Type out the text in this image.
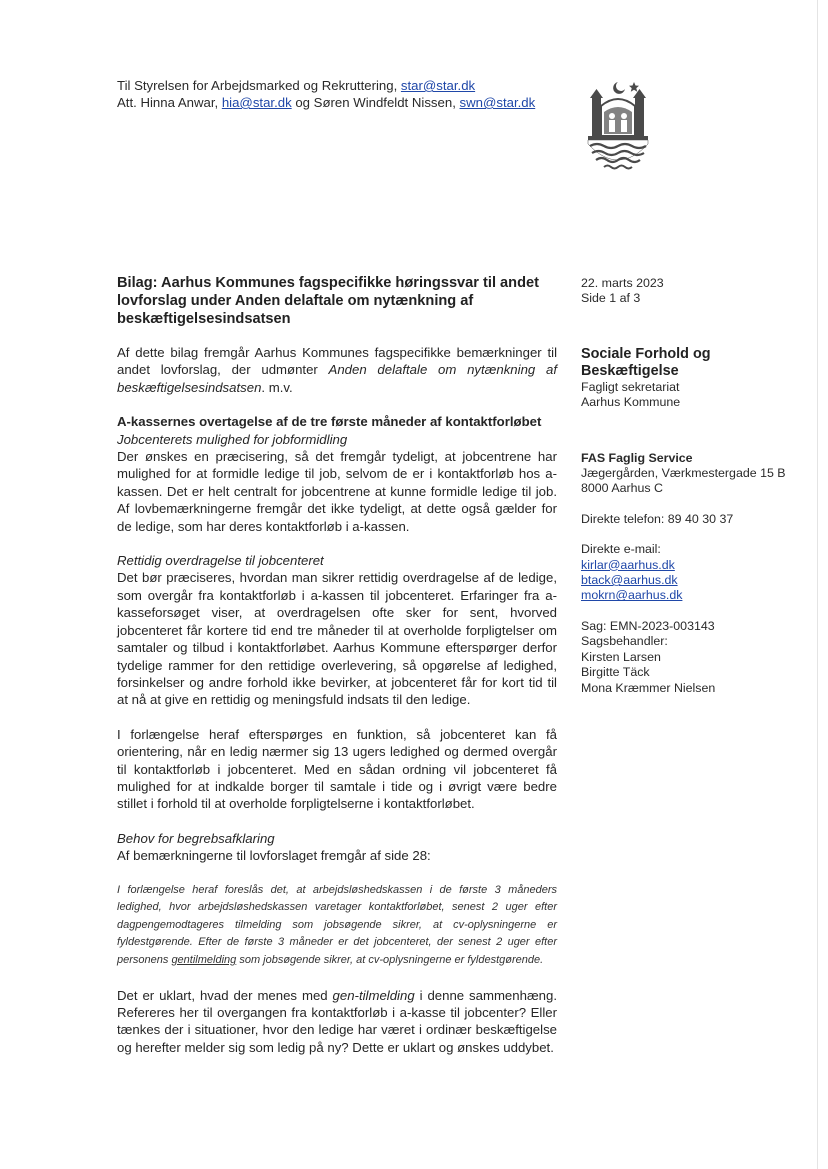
Til Styrelsen for Arbejdsmarked og Rekruttering, star@star.dk
Att. Hinna Anwar, hia@star.dk og Søren Windfeldt Nissen, swn@star.dk
Bilag: Aarhus Kommunes fagspecifikke høringssvar til andet lovforslag under Anden delaftale om nytænkning af beskæftigelsesindsatsen

Af dette bilag fremgår Aarhus Kommunes fagspecifikke bemærkninger til andet lovforslag, der udmønter Anden delaftale om nytænkning af beskæftigelsesindsatsen. m.v.

A-kassernes overtagelse af de tre første måneder af kontaktforløbet
Jobcenterets mulighed for jobformidling

Der ønskes en præcisering, så det fremgår tydeligt, at jobcentrene har mulighed for at formidle ledige til job, selvom de er i kontaktforløb hos a-kassen. Det er helt centralt for jobcentrene at kunne formidle ledige til job. Af lovbemærkningerne fremgår det ikke tydeligt, at dette også gælder for de ledige, som har deres kontaktforløb i a-kassen.

Rettidig overdragelse til jobcenteret

Det bør præciseres, hvordan man sikrer rettidig overdragelse af de ledige, som overgår fra kontaktforløb i a-kassen til jobcenteret. Erfaringer fra a-kasseforsøget viser, at overdragelsen ofte sker for sent, hvorved jobcenteret får kortere tid end tre måneder til at overholde forpligtelser om samtaler og tilbud i kontaktforløbet. Aarhus Kommune efterspørger derfor tydelige rammer for den rettidige overlevering, så opgørelse af ledighed, forsinkelser og andre forhold ikke bevirker, at jobcenteret får for kort tid til at nå at give en rettidig og meningsfuld indsats til den ledige.

I forlængelse heraf efterspørges en funktion, så jobcenteret kan få orientering, når en ledig nærmer sig 13 ugers ledighed og dermed overgår til kontaktforløb i jobcenteret. Med en sådan ordning vil jobcenteret få mulighed for at indkalde borger til samtale i tide og i øvrigt være bedre stillet i forhold til at overholde forpligtelserne i kontaktforløbet.

Behov for begrebsafklaring
Af bemærkningerne til lovforslaget fremgår af side 28:
I forlængelse heraf foreslås det, at arbejdsløshedskassen i de første 3 måneders ledighed, hvor arbejdsløshedskassen varetager kontaktforløbet, senest 2 uger efter dagpengemodtageres tilmelding som jobsøgende sikrer, at cv-oplysningerne er fyldestgørende. Efter de første 3 måneder er det jobcenteret, der senest 2 uger efter personens gentilmelding som jobsøgende sikrer, at cv-oplysningerne er fyldestgørende.

Det er uklart, hvad der menes med gen-tilmelding i denne sammenhæng. Refereres her til overgangen fra kontaktforløb i a-kasse til jobcenter? Eller tænkes der i situationer, hvor den ledige har været i ordinær beskæftigelse og herefter melder sig som ledig på ny? Dette er uklart og ønskes uddybet.

22. marts 2023
Side 1 af 3
Sociale Forhold og Beskæftigelse
Fagligt sekretariat
Aarhus Kommune
FAS Faglig Service
Jægergården, Værkmestergade 15 B
8000 Aarhus C
Direkte telefon: 89 40 30 37
Direkte e-mail:
kirlar@aarhus.dk
btack@aarhus.dk
mokrn@aarhus.dk
Sag: EMN-2023-003143
Sagsbehandler:
Kirsten Larsen
Birgitte Täck
Mona Kræmmer Nielsen
